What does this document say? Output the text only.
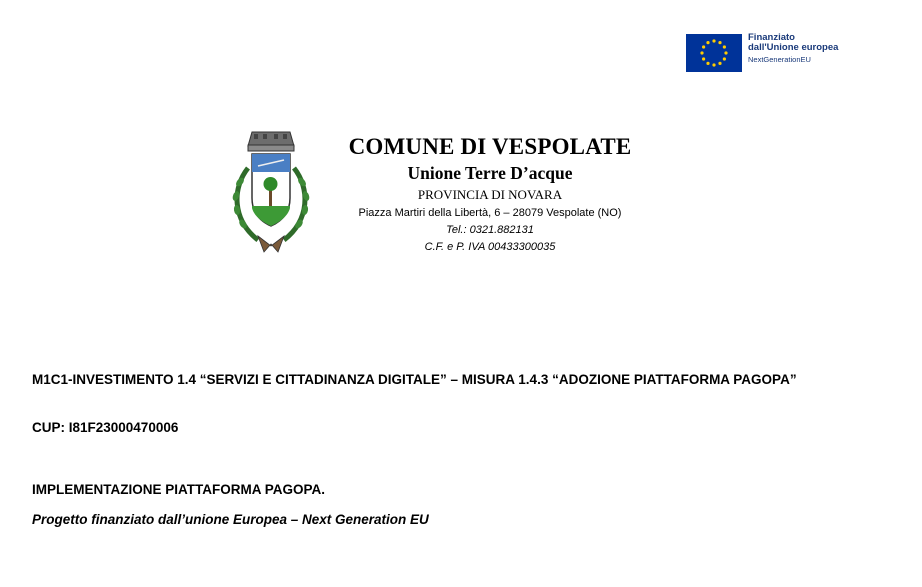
Finanziato
dall'Unione europea
NextGenerationEU
COMUNE DI VESPOLATE
Unione Terre D’acque
PROVINCIA DI NOVARA
Piazza Martiri della Libertà, 6 – 28079 Vespolate (NO)
Tel.: 0321.882131
C.F. e P. IVA 00433300035
M1C1-INVESTIMENTO 1.4 “SERVIZI E CITTADINANZA DIGITALE” – MISURA 1.4.3 “ADOZIONE PIATTAFORMA PAGOPA”
CUP: I81F23000470006
IMPLEMENTAZIONE PIATTAFORMA PAGOPA.
Progetto finanziato dall’unione Europea – Next Generation EU
